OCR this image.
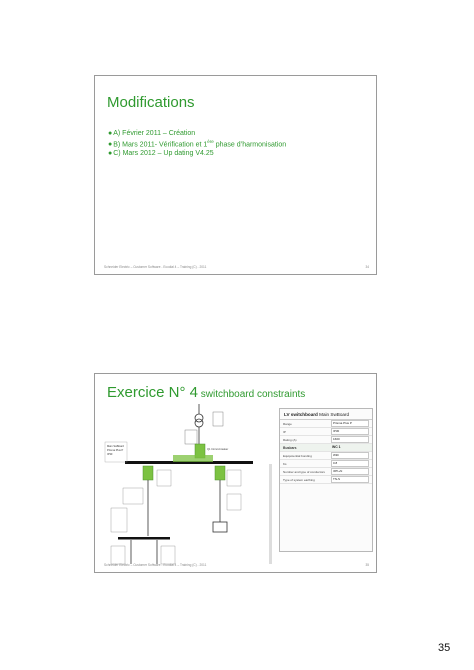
Modifications
●A) Février 2011 – Création
●B) Mars 2011- Vérification et 1ère phase d’harmonisation
●C) Mars 2012 – Up dating V4.25
Schneider Electric – Customer Software - Ecodial 4 – Training (C) - 2011	34
Exercice N° 4 switchboard constraints
Q1 Circuit-breaker
Main SwBoard
Prisma Plus P
IP30
LV switchboard Main SwBoard
Range	Prisma Plus P
IP	IP30
Rating (A)	1600
Busbars	WC 1
Equipotential bonding	With
Ks	0.8
Number and type of conductors	3Ph+N
Type of system earthing	TN-S
Schneider Electric – Customer Software - Ecodial 4 – Training (C) - 2011	35
35
